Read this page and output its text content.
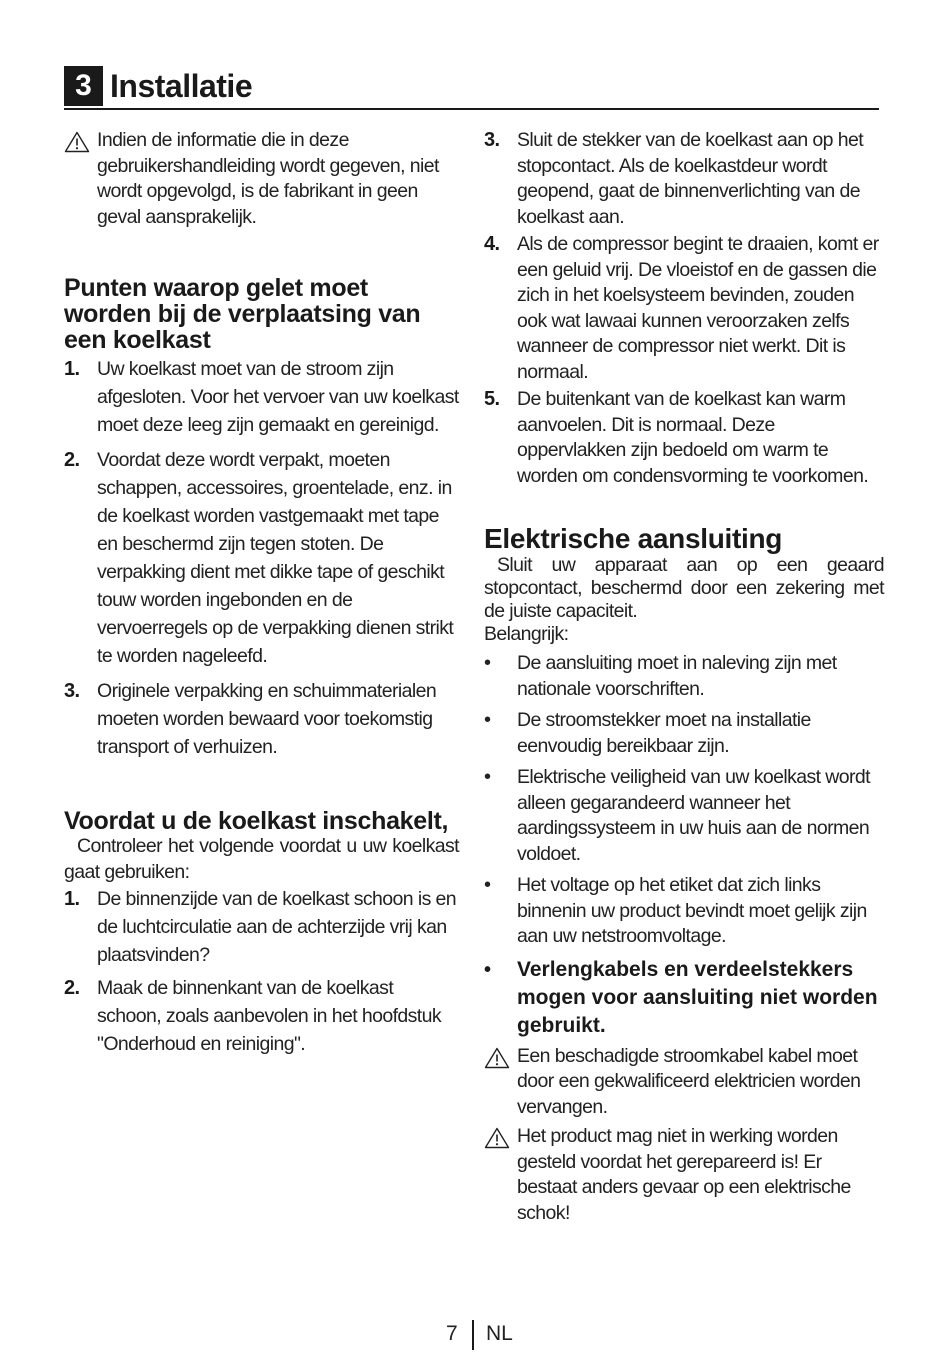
3 Installatie
Indien de informatie die in deze gebruikershandleiding wordt gegeven, niet wordt opgevolgd, is de fabrikant in geen geval aansprakelijk.
Punten waarop gelet moet worden bij de verplaatsing van een koelkast
1. Uw koelkast moet van de stroom zijn afgesloten. Voor het vervoer van uw koelkast moet deze leeg zijn gemaakt en gereinigd.
2. Voordat deze wordt verpakt, moeten schappen, accessoires, groentelade, enz. in de koelkast worden vastgemaakt met tape en beschermd zijn tegen stoten. De verpakking dient met dikke tape of geschikt touw worden ingebonden en de vervoerregels op de verpakking dienen strikt te worden nageleefd.
3. Originele verpakking en schuimmaterialen moeten worden bewaard voor toekomstig transport of verhuizen.
Voordat u de koelkast inschakelt,
Controleer het volgende voordat u uw koelkast gaat gebruiken:
1. De binnenzijde van de koelkast schoon is en de luchtcirculatie aan de achterzijde vrij kan plaatsvinden?
2. Maak de binnenkant van de koelkast schoon, zoals aanbevolen in het hoofdstuk "Onderhoud en reiniging".
3. Sluit de stekker van de koelkast aan op het stopcontact. Als de koelkastdeur wordt geopend, gaat de binnenverlichting van de koelkast aan.
4. Als de compressor begint te draaien, komt er een geluid vrij. De vloeistof en de gassen die zich in het koelsysteem bevinden, zouden ook wat lawaai kunnen veroorzaken zelfs wanneer de compressor niet werkt. Dit is normaal.
5. De buitenkant van de koelkast kan warm aanvoelen. Dit is normaal. Deze oppervlakken zijn bedoeld om warm te worden om condensvorming te voorkomen.
Elektrische aansluiting
Sluit uw apparaat aan op een geaard stopcontact, beschermd door een zekering met de juiste capaciteit.
Belangrijk:
• De aansluiting moet in naleving zijn met nationale voorschriften.
• De stroomstekker moet na installatie eenvoudig bereikbaar zijn.
• Elektrische veiligheid van uw koelkast wordt alleen gegarandeerd wanneer het aardingssysteem in uw huis aan de normen voldoet.
• Het voltage op het etiket dat zich links binnenin uw product bevindt moet gelijk zijn aan uw netstroomvoltage.
• Verlengkabels en verdeelstekkers mogen voor aansluiting niet worden gebruikt.
Een beschadigde stroomkabel kabel moet door een gekwalificeerd elektricien worden vervangen.
Het product mag niet in werking worden gesteld voordat het gerepareerd is! Er bestaat anders gevaar op een elektrische schok!
7 NL
